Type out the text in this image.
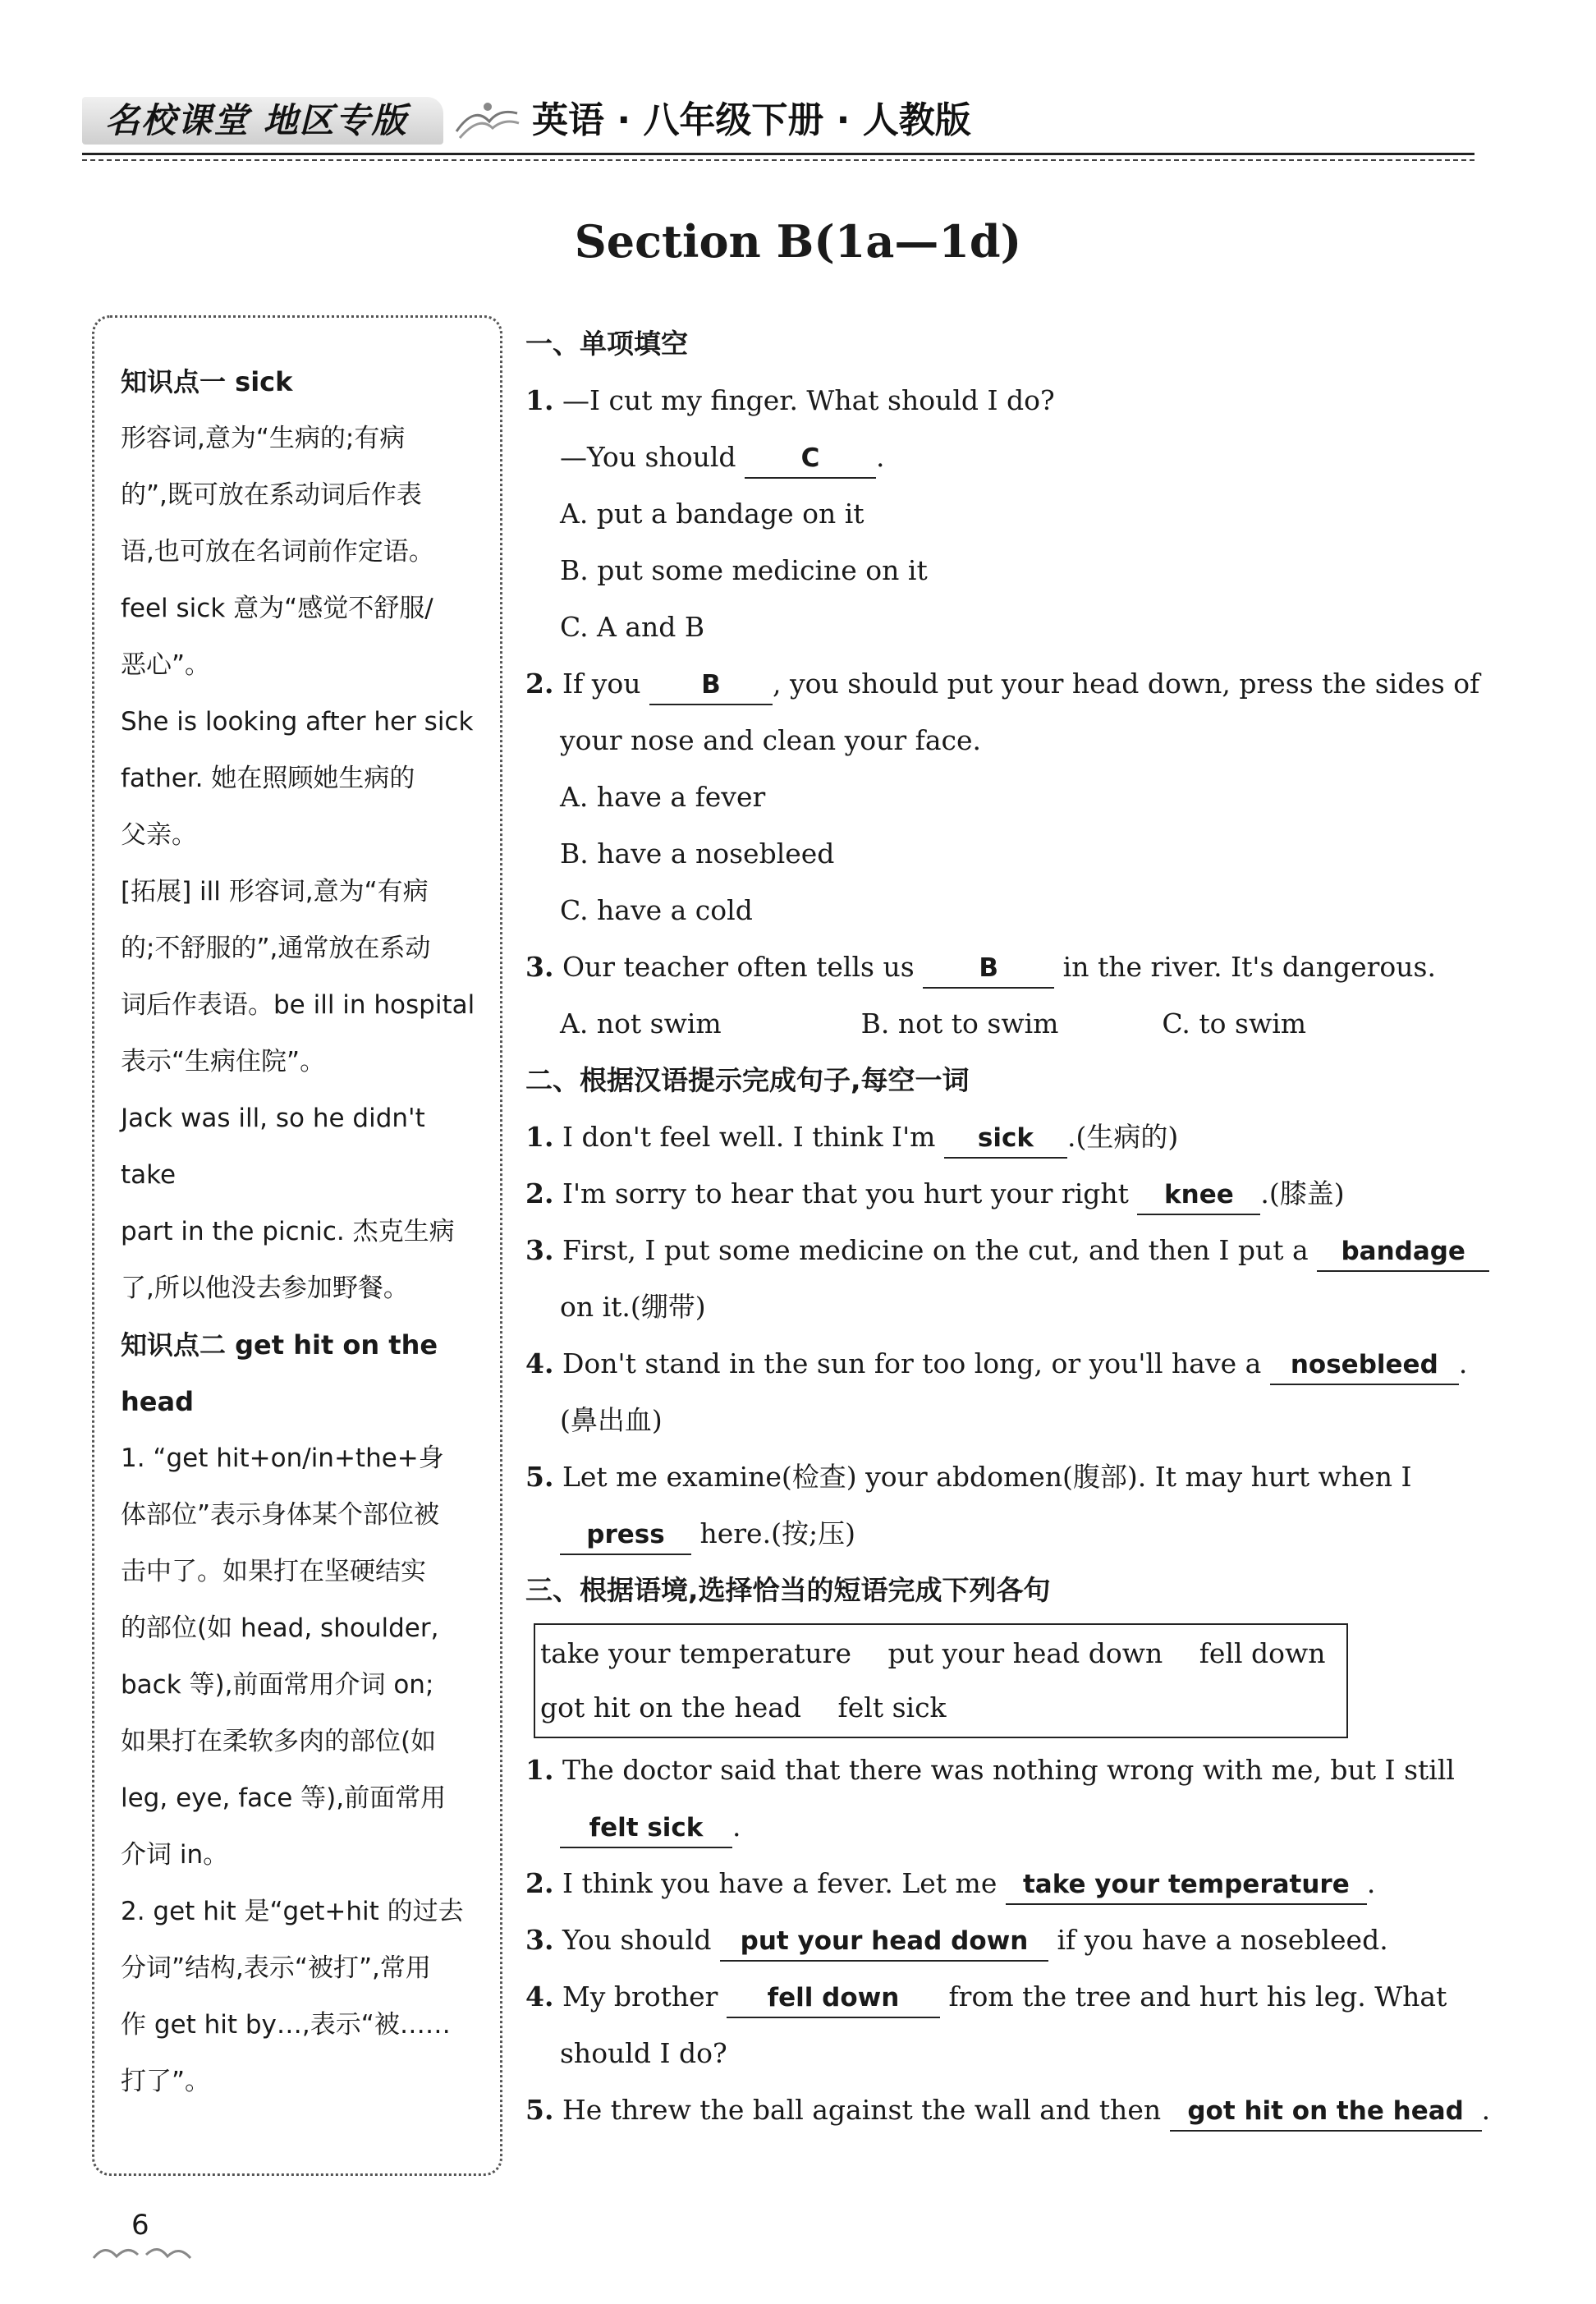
名校课堂 地区专版	英语 · 八年级下册 · 人教版
Section B(1a—1d)

知识点一 sick

形容词,意为“生病的;有病

的”,既可放在系动词后作表

语,也可放在名词前作定语。

feel sick 意为“感觉不舒服/

恶心”。

She is looking after her sick

father. 她在照顾她生病的

父亲。

[拓展] ill 形容词,意为“有病

的;不舒服的”,通常放在系动

词后作表语。be ill in hospital

表示“生病住院”。

Jack was ill, so he didn't take

part in the picnic. 杰克生病

了,所以他没去参加野餐。

知识点二 get hit on the

head

1. “get hit+on/in+the+身

体部位”表示身体某个部位被

击中了。如果打在坚硬结实

的部位(如 head, shoulder,

back 等),前面常用介词 on;

如果打在柔软多肉的部位(如

leg, eye, face 等),前面常用

介词 in。

2. get hit 是“get+hit 的过去

分词”结构,表示“被打”,常用

作 get hit by…,表示“被……

打了”。

一、单项填空

1. —I cut my finger. What should I do?

—You should	C .

A. put a bandage on it

B. put some medicine on it

C. A and B

2. If you B , you should put your head down, press the sides of

your nose and clean your face.

A. have a fever

B. have a nosebleed

C. have a cold

3. Our teacher often tells us	B in the river. It's dangerous.

A. not swim	B. not to swim	C. to swim

二、根据汉语提示完成句子,每空一词

1. I don't feel well. I think I'm sick .(生病的)

2. I'm sorry to hear that you hurt your right knee .(膝盖)

3. First, I put some medicine on the cut, and then I put a bandage

on it.(绷带)

4. Don't stand in the sun for too long, or you'll have a nosebleed .

(鼻出血)

5. Let me examine(检查) your abdomen(腹部). It may hurt when I

press here.(按;压)

三、根据语境,选择恰当的短语完成下列各句

take your temperature put your head down fell down

got hit on the head felt sick

1. The doctor said that there was nothing wrong with me, but I still

felt sick .

2. I think you have a fever. Let me take your temperature .

3. You should put your head down if you have a nosebleed.

4. My brother fell down from the tree and hurt his leg. What

should I do?

5. He threw the ball against the wall and then got hit on the head .

6
